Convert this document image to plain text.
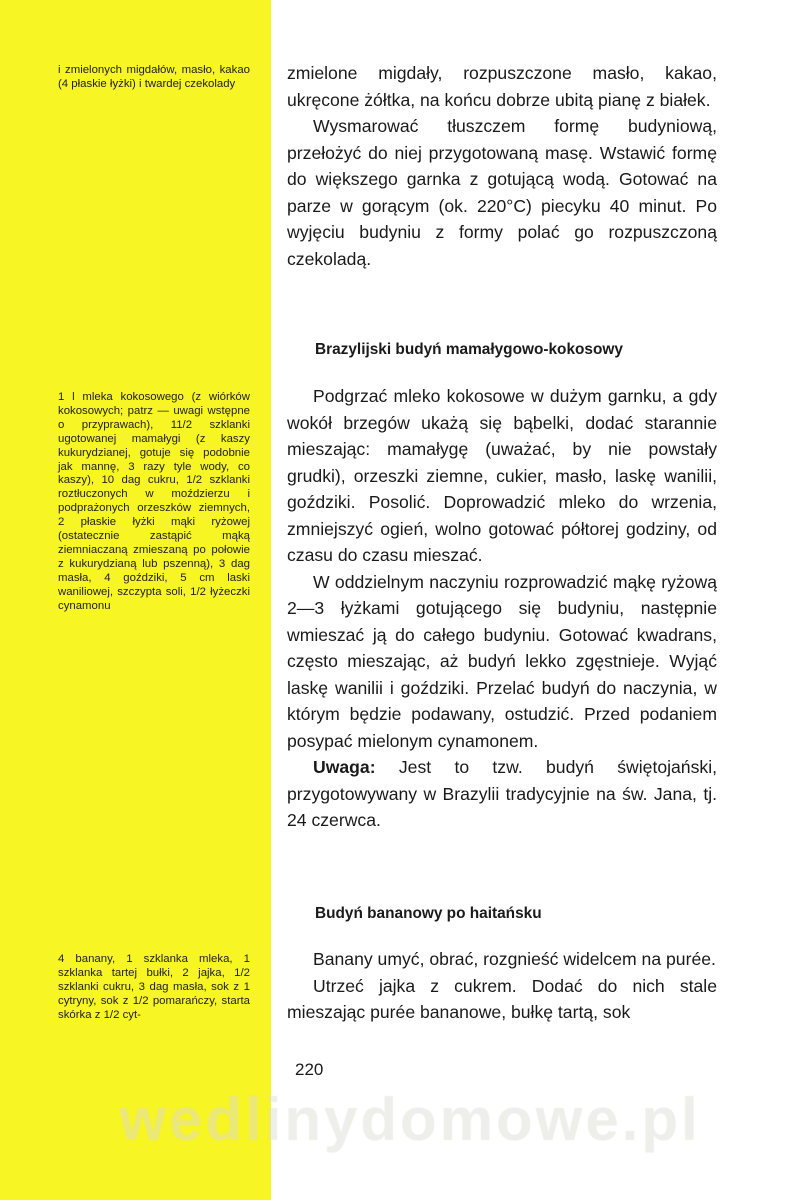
i zmielonych migdałów, masło, kakao (4 płaskie łyżki) i twardej czekolady
1 l mleka kokosowego (z wiórków kokosowych; patrz — uwagi wstępne o przyprawach), 11/2 szklanki ugotowanej mamałygi (z kaszy kukurydzianej, gotuje się podobnie jak mannę, 3 razy tyle wody, co kaszy), 10 dag cukru, 1/2 szklanki roztłuczonych w moździerzu i podprażonych orzeszków ziemnych, 2 płaskie łyżki mąki ryżowej (ostatecznie zastąpić mąką ziemniaczaną zmieszaną po połowie z kukurydzianą lub pszenną), 3 dag masła, 4 goździki, 5 cm laski waniliowej, szczypta soli, 1/2 łyżeczki cynamonu
4 banany, 1 szklanka mleka, 1 szklanka tartej bułki, 2 jajka, 1/2 szklanki cukru, 3 dag masła, sok z 1 cytryny, sok z 1/2 pomarańczy, starta skórka z 1/2 cyt-

zmielone migdały, rozpuszczone masło, kakao, ukręcone żółtka, na końcu dobrze ubitą pianę z białek.

Wysmarować tłuszczem formę budyniową, przełożyć do niej przygotowaną masę. Wstawić formę do większego garnka z gotującą wodą. Gotować na parze w gorącym (ok. 220°C) piecyku 40 minut. Po wyjęciu budyniu z formy polać go rozpuszczoną czekoladą.

Brazylijski budyń mamałygowo-kokosowy

Podgrzać mleko kokosowe w dużym garnku, a gdy wokół brzegów ukażą się bąbelki, dodać starannie mieszając: mamałygę (uważać, by nie powstały grudki), orzeszki ziemne, cukier, masło, laskę wanilii, goździki. Posolić. Doprowadzić mleko do wrzenia, zmniejszyć ogień, wolno gotować półtorej godziny, od czasu do czasu mieszać.

W oddzielnym naczyniu rozprowadzić mąkę ryżową 2—3 łyżkami gotującego się budyniu, następnie wmieszać ją do całego budyniu. Gotować kwadrans, często mieszając, aż budyń lekko zgęstnieje. Wyjąć laskę wanilii i goździki. Przelać budyń do naczynia, w którym będzie podawany, ostudzić. Przed podaniem posypać mielonym cynamonem.

Uwaga: Jest to tzw. budyń świętojański, przygotowywany w Brazylii tradycyjnie na św. Jana, tj. 24 czerwca.

Budyń bananowy po haitańsku

Banany umyć, obrać, rozgnieść widelcem na purée.

Utrzeć jajka z cukrem. Dodać do nich stale mieszając purée bananowe, bułkę tartą, sok

220
wedlinydomowe.pl
